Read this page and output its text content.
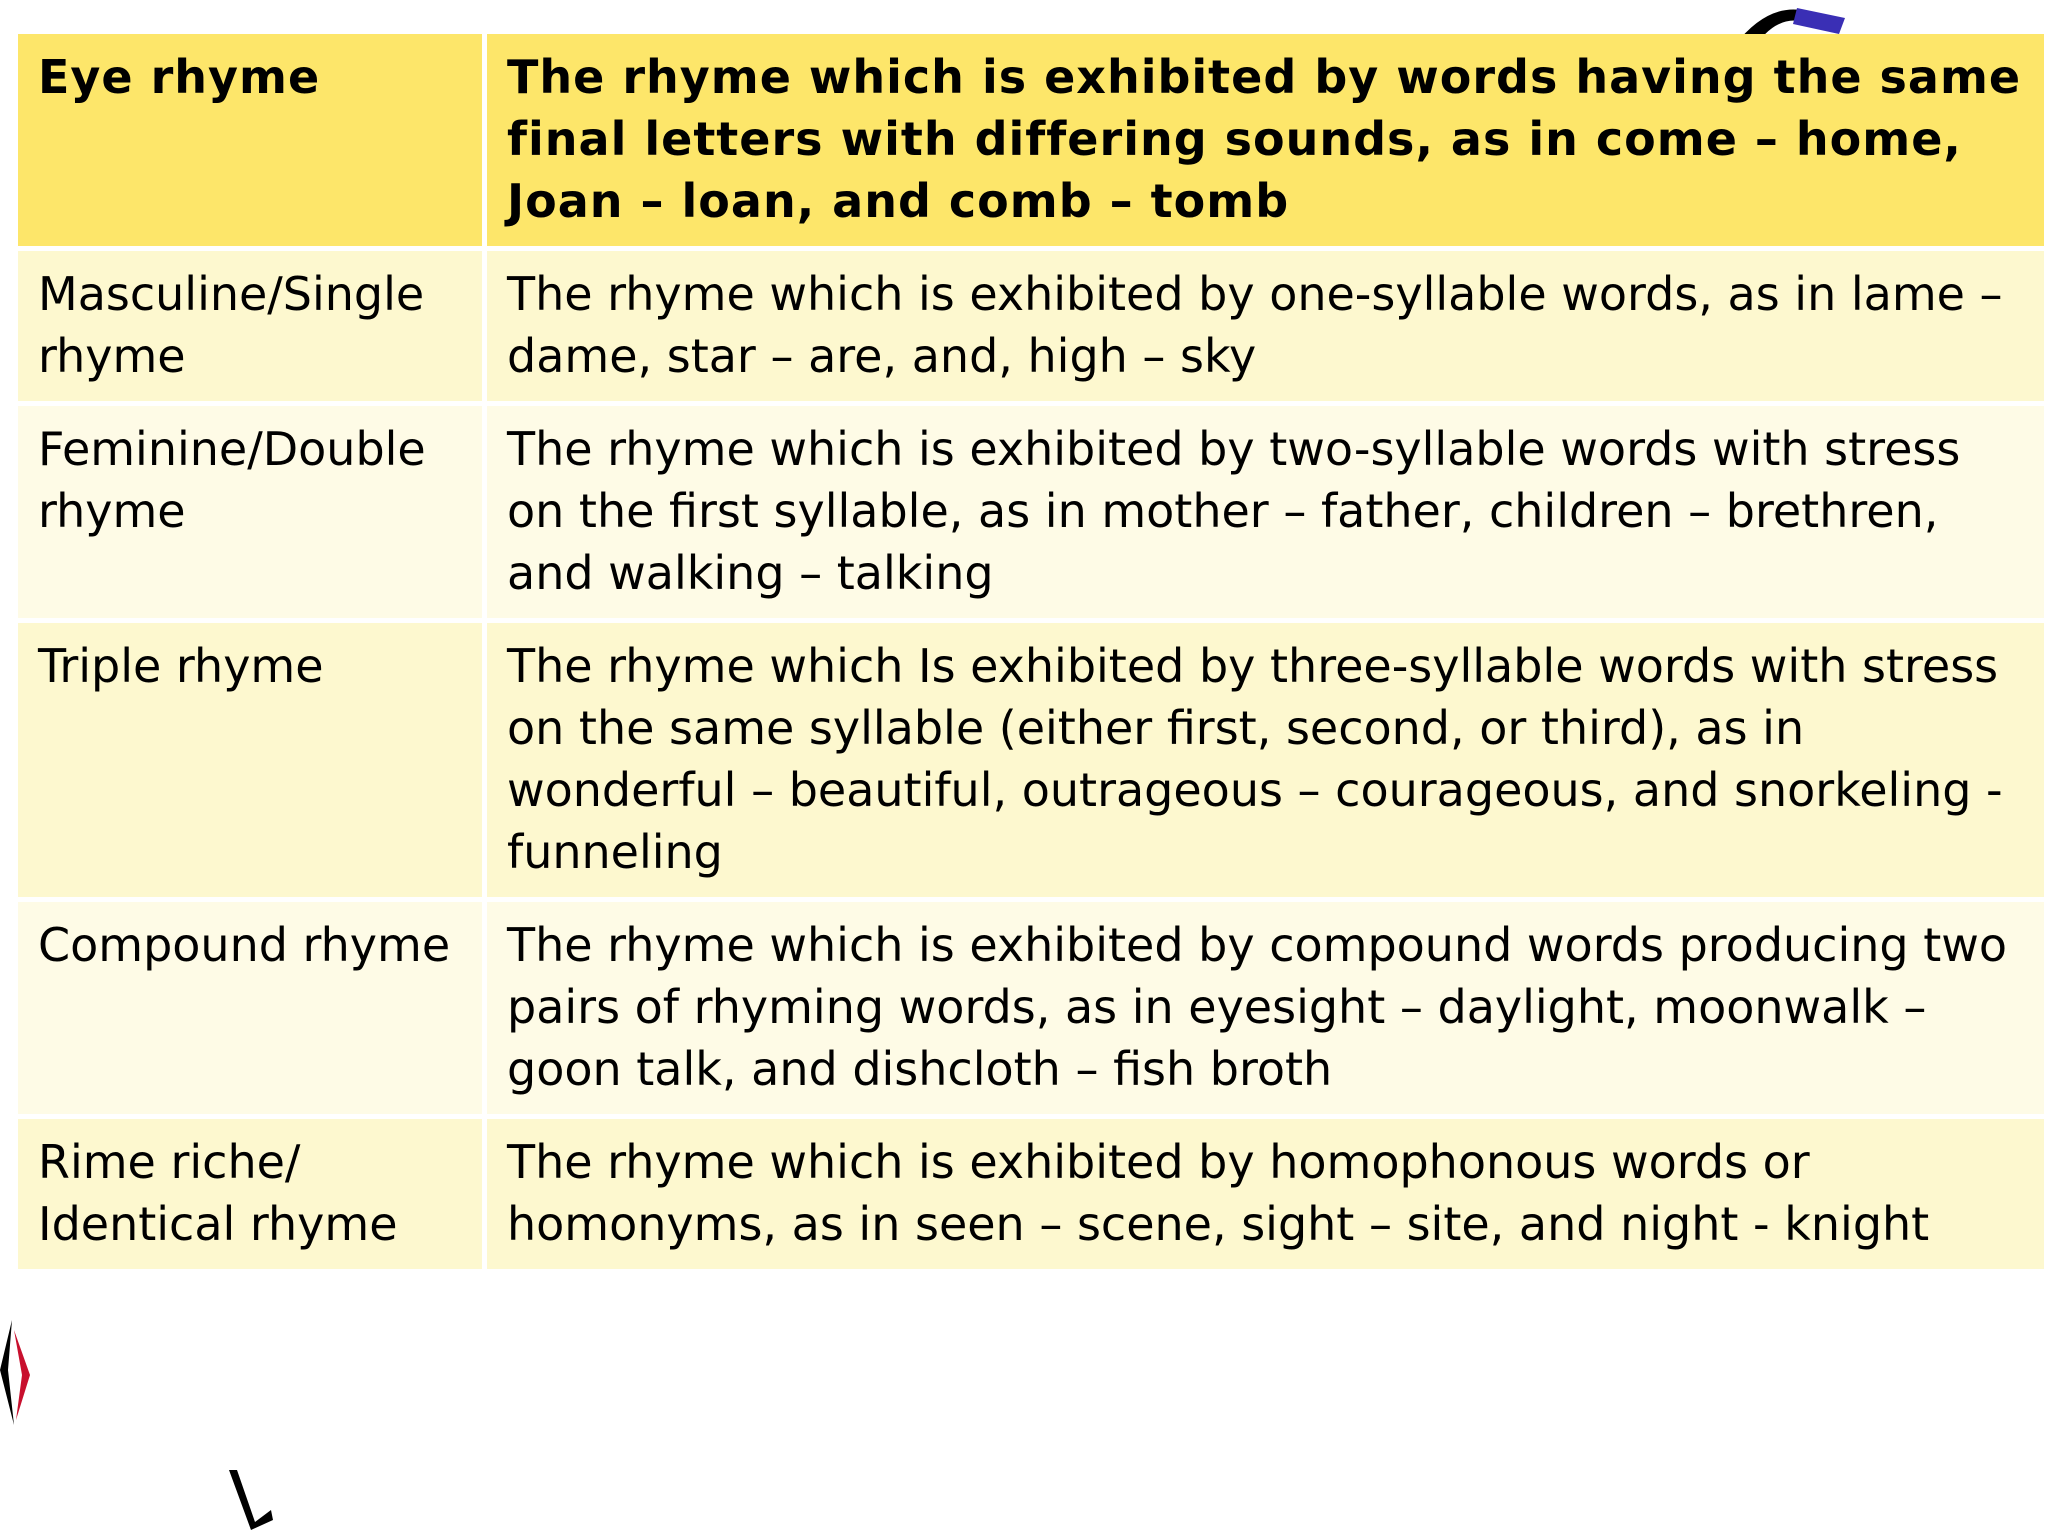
Eye rhyme	The rhyme which is exhibited by words having the same final letters with differing sounds, as in come – home, Joan – loan, and comb – tomb

Masculine/Single rhyme	The rhyme which is exhibited by one-syllable words, as in lame –dame, star – are, and, high – sky

Feminine/Double rhyme	The rhyme which is exhibited by two-syllable words with stress
on the first syllable, as in mother – father, children – brethren,
and walking – talking

Triple rhyme	The rhyme which Is exhibited by three-syllable words with stress
on the same syllable (either first, second, or third), as in wonderful – beautiful, outrageous – courageous, and snorkeling -funneling

Compound rhyme	The rhyme which is exhibited by compound words producing two pairs of rhyming words, as in eyesight – daylight, moonwalk – goon talk, and dishcloth – fish broth

Rime riche/ Identical rhyme	The rhyme which is exhibited by homophonous words or homonyms, as in seen – scene, sight – site, and night - knight
